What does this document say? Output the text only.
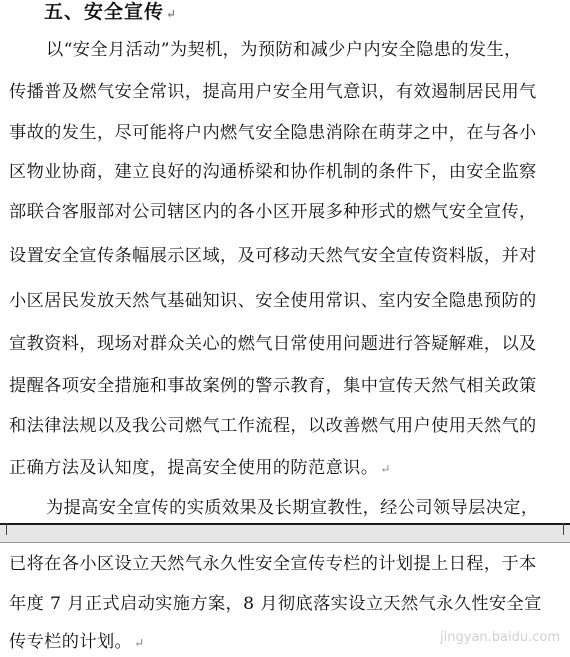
五、安全宣传 ↵
以“安全月活动”为契机，为预防和减少户内安全隐患的发生，
传播普及燃气安全常识，提高用户安全用气意识，有效遏制居民用气
事故的发生，尽可能将户内燃气安全隐患消除在萌芽之中，在与各小
区物业协商，建立良好的沟通桥梁和协作机制的条件下，由安全监察
部联合客服部对公司辖区内的各小区开展多种形式的燃气安全宣传，
设置安全宣传条幅展示区域，及可移动天然气安全宣传资料版，并对
小区居民发放天然气基础知识、安全使用常识、室内安全隐患预防的
宣教资料，现场对群众关心的燃气日常使用问题进行答疑解难，以及
提醒各项安全措施和事故案例的警示教育，集中宣传天然气相关政策
和法律法规以及我公司燃气工作流程，以改善燃气用户使用天然气的
正确方法及认知度，提高安全使用的防范意识。 ↵
为提高安全宣传的实质效果及长期宣教性，经公司领导层决定，
已将在各小区设立天然气永久性安全宣传专栏的计划提上日程，于本
年度 7 月正式启动实施方案，8 月彻底落实设立天然气永久性安全宣
传专栏的计划。 ↵	jingyan.baidu.com
